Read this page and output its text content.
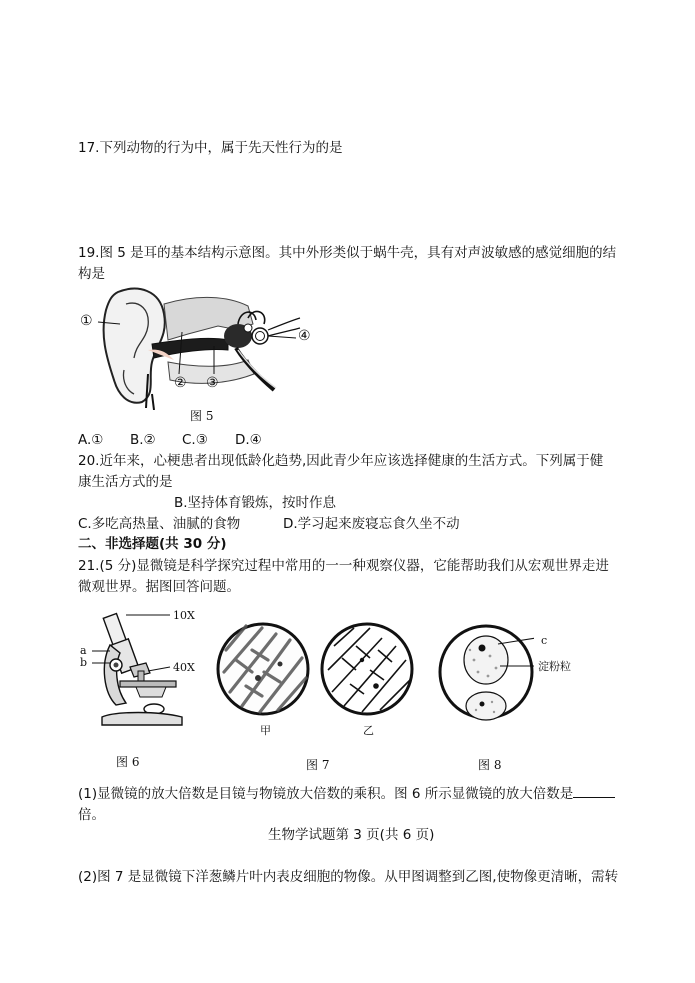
17.下列动物的行为中，属于先天性行为的是
19.图 5 是耳的基本结构示意图。其中外形类似于蜗牛壳，具有对声波敏感的感觉细胞的结
构是
①
② ③
④
图 5
A.① B.② C.③ D.④
20.近年来，心梗患者出现低龄化趋势,因此青少年应该选择健康的生活方式。下列属于健
康生活方式的是
B.坚持体育锻炼，按时作息
C.多吃高热量、油腻的食物	D.学习起来废寝忘食久坐不动
二、非选择题(共 30 分)
21.(5 分)显微镜是科学探究过程中常用的一一种观察仪器，它能帮助我们从宏观世界走进
微观世界。据图回答问题。
10X
40X
a
b
图 6
甲	乙
图 7
c
淀粉粒
图 8
(1)显微镜的放大倍数是目镜与物镜放大倍数的乘积。图 6 所示显微镜的放大倍数是
倍。
生物学试题第 3 页(共 6 页)
(2)图 7 是显微镜下洋葱鳞片叶内表皮细胞的物像。从甲图调整到乙图,使物像更清晰，需转
